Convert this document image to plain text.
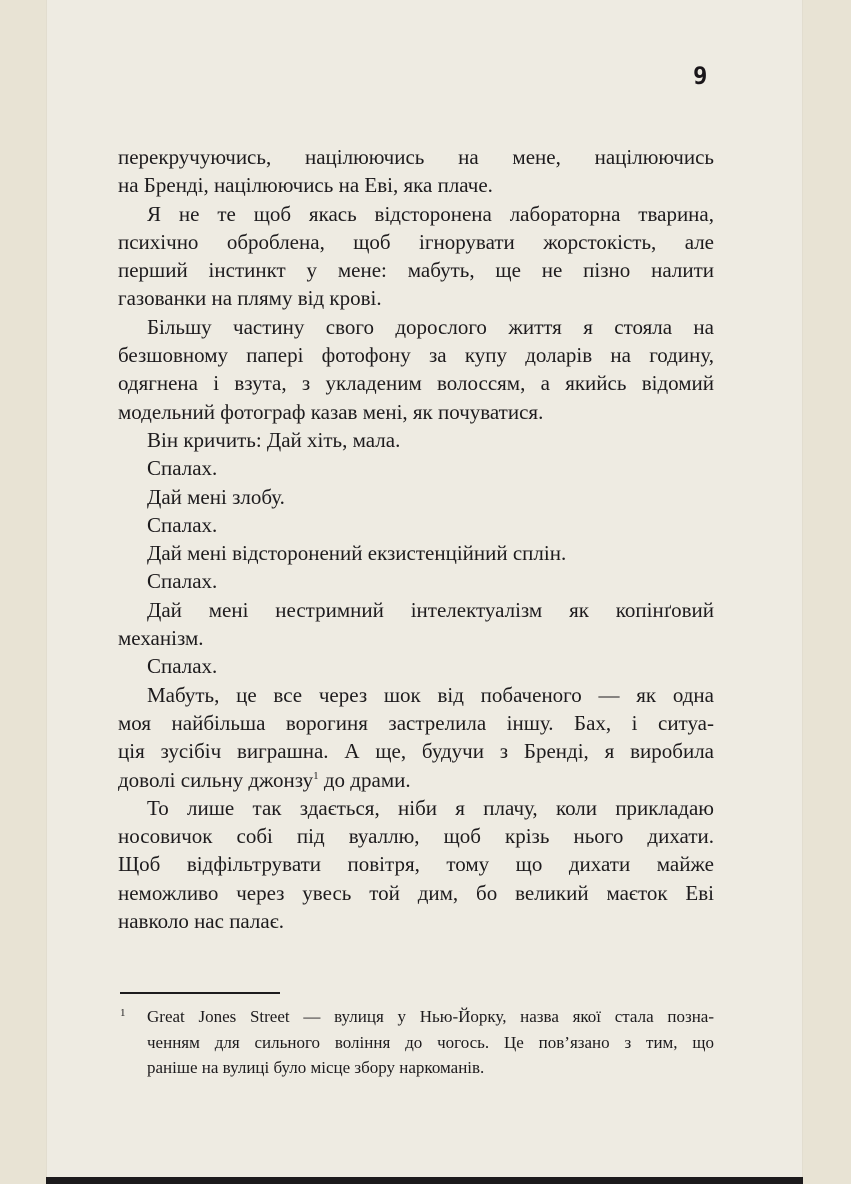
9
перекручуючись, націлюючись на мене, націлюючись
на Бренді, націлюючись на Еві, яка плаче.
Я не те щоб якась відсторонена лабораторна тварина,
психічно оброблена, щоб ігнорувати жорстокість, але
перший інстинкт у мене: мабуть, ще не пізно налити
газованки на пляму від крові.
Більшу частину свого дорослого життя я стояла на
безшовному папері фотофону за купу доларів на годину,
одягнена і взута, з укладеним волоссям, а якийсь відомий
модельний фотограф казав мені, як почуватися.
Він кричить: Дай хіть, мала.
Спалах.
Дай мені злобу.
Спалах.
Дай мені відсторонений екзистенційний сплін.
Спалах.
Дай мені нестримний інтелектуалізм як копінґовий
механізм.
Спалах.
Мабуть, це все через шок від побаченого — як одна
моя найбільша ворогиня застрелила іншу. Бах, і ситуа-
ція зусібіч виграшна. А ще, будучи з Бренді, я виробила
доволі сильну джонзу$^1$ до драми.
То лише так здається, ніби я плачу, коли прикладаю
носовичок собі під вуаллю, щоб крізь нього дихати.
Щоб відфільтрувати повітря, тому що дихати майже
неможливо через увесь той дим, бо великий маєток Еві
навколо нас палає.
1 Great Jones Street — вулиця у Нью-Йорку, назва якої стала позна-
ченням для сильного воління до чогось. Це пов’язано з тим, що
раніше на вулиці було місце збору наркоманів.
